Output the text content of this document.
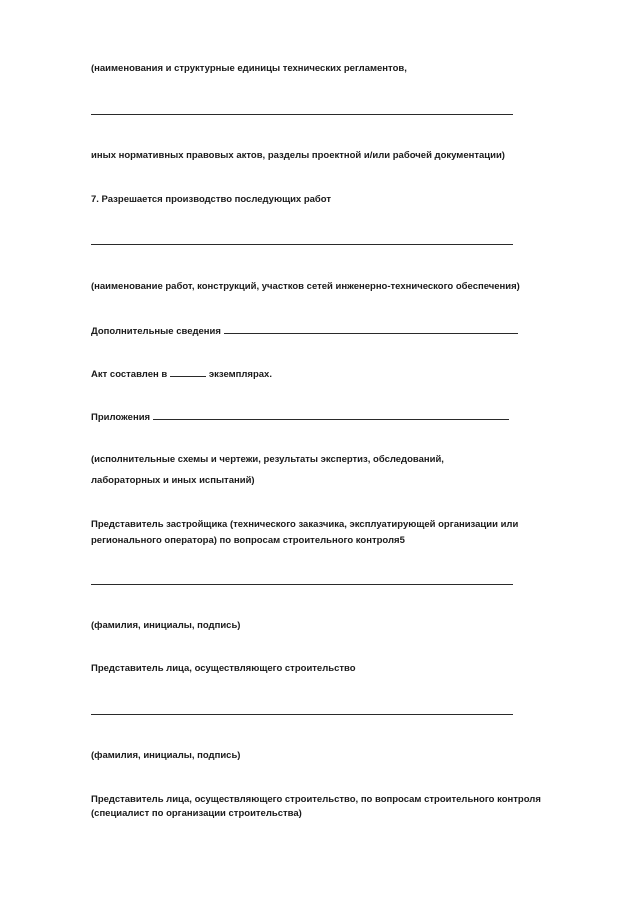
(наименования и структурные единицы технических регламентов,
иных нормативных правовых актов, разделы проектной и/или рабочей документации)
7. Разрешается производство последующих работ
(наименование работ, конструкций, участков сетей инженерно-технического обеспечения)
Дополнительные сведения
Акт составлен в	экземплярах.
Приложения
(исполнительные схемы и чертежи, результаты экспертиз, обследований,
лабораторных и иных испытаний)
Представитель застройщика (технического заказчика, эксплуатирующей организации или
регионального оператора) по вопросам строительного контроля5
(фамилия, инициалы, подпись)
Представитель лица, осуществляющего строительство
(фамилия, инициалы, подпись)
Представитель лица, осуществляющего строительство, по вопросам строительного контроля
(специалист по организации строительства)
